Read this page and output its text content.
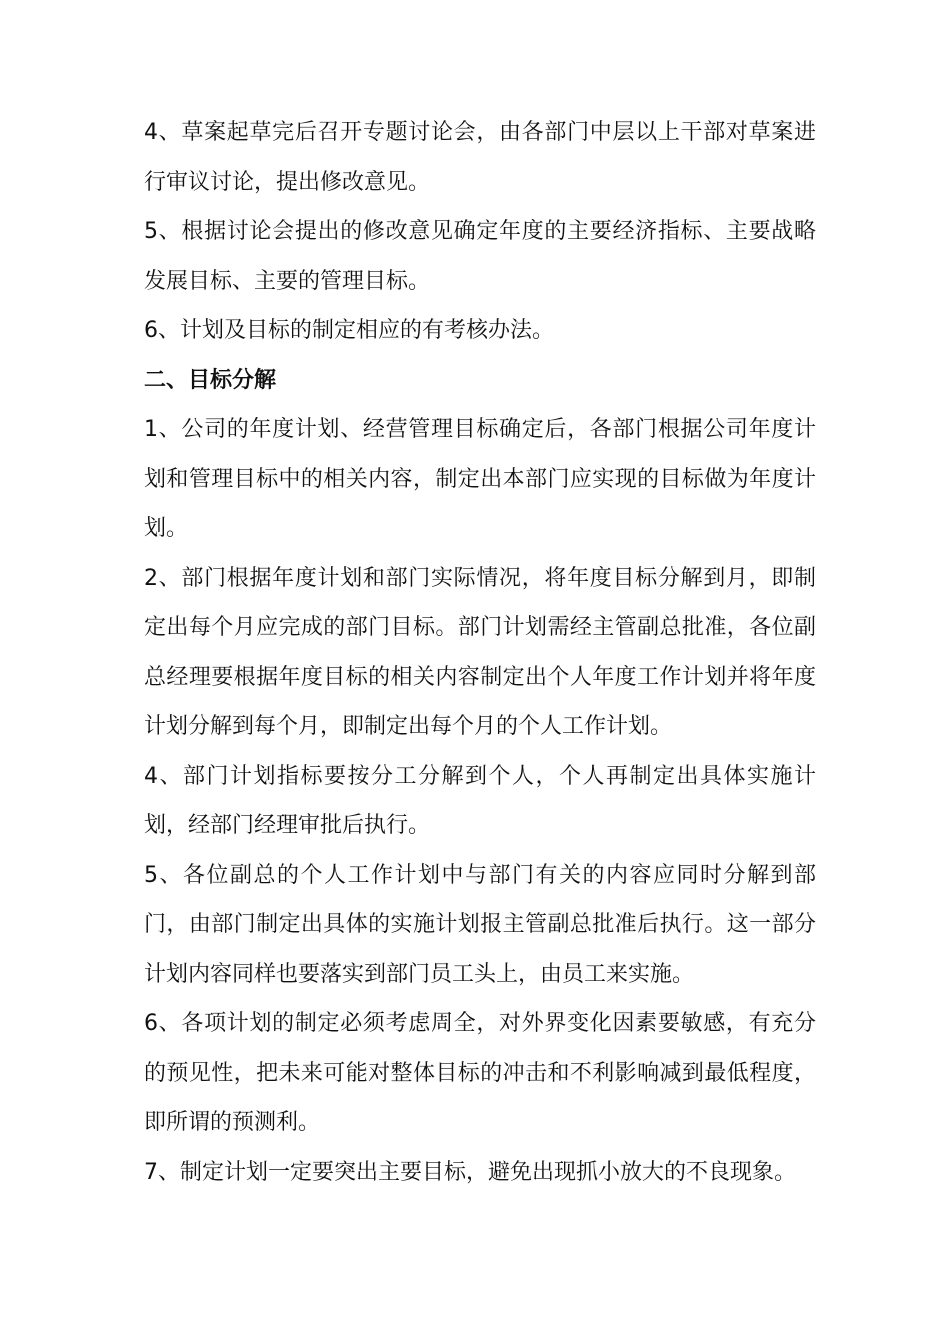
4、草案起草完后召开专题讨论会，由各部门中层以上干部对草案进行审议讨论，提出修改意见。

5、根据讨论会提出的修改意见确定年度的主要经济指标、主要战略发展目标、主要的管理目标。

6、计划及目标的制定相应的有考核办法。

二、目标分解

1、公司的年度计划、经营管理目标确定后，各部门根据公司年度计划和管理目标中的相关内容，制定出本部门应实现的目标做为年度计划。

2、部门根据年度计划和部门实际情况，将年度目标分解到月，即制定出每个月应完成的部门目标。部门计划需经主管副总批准，各位副总经理要根据年度目标的相关内容制定出个人年度工作计划并将年度计划分解到每个月，即制定出每个月的个人工作计划。

4、部门计划指标要按分工分解到个人，个人再制定出具体实施计划，经部门经理审批后执行。

5、各位副总的个人工作计划中与部门有关的内容应同时分解到部门，由部门制定出具体的实施计划报主管副总批准后执行。这一部分计划内容同样也要落实到部门员工头上，由员工来实施。

6、各项计划的制定必须考虑周全，对外界变化因素要敏感，有充分的预见性，把未来可能对整体目标的冲击和不利影响减到最低程度，即所谓的预测利。

7、制定计划一定要突出主要目标，避免出现抓小放大的不良现象。
